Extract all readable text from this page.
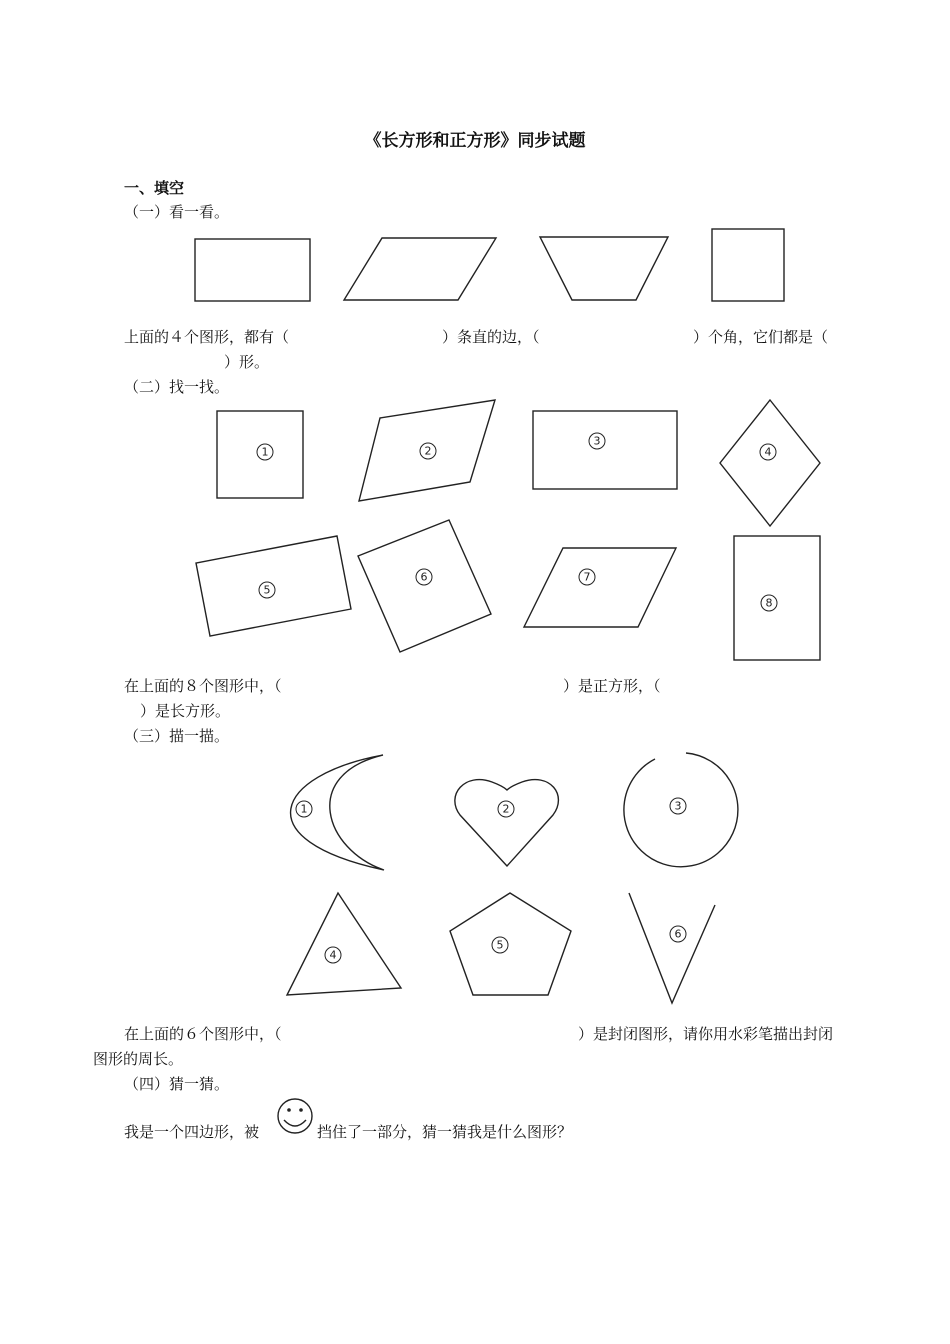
《长方形和正方形》同步试题
一、填空
（一）看一看。
1	2
3
4
5
6	7
8
1	2	3
4
5
6
上面的４个图形，都有（	）条直的边，（	）个角，它们都是（
）形。
（二）找一找。
在上面的８个图形中，（	）是正方形，（
）是长方形。
（三）描一描。
在上面的６个图形中，（	）是封闭图形，请你用水彩笔描出封闭
图形的周长。
（四）猜一猜。
我是一个四边形，被	挡住了一部分，猜一猜我是什么图形？
